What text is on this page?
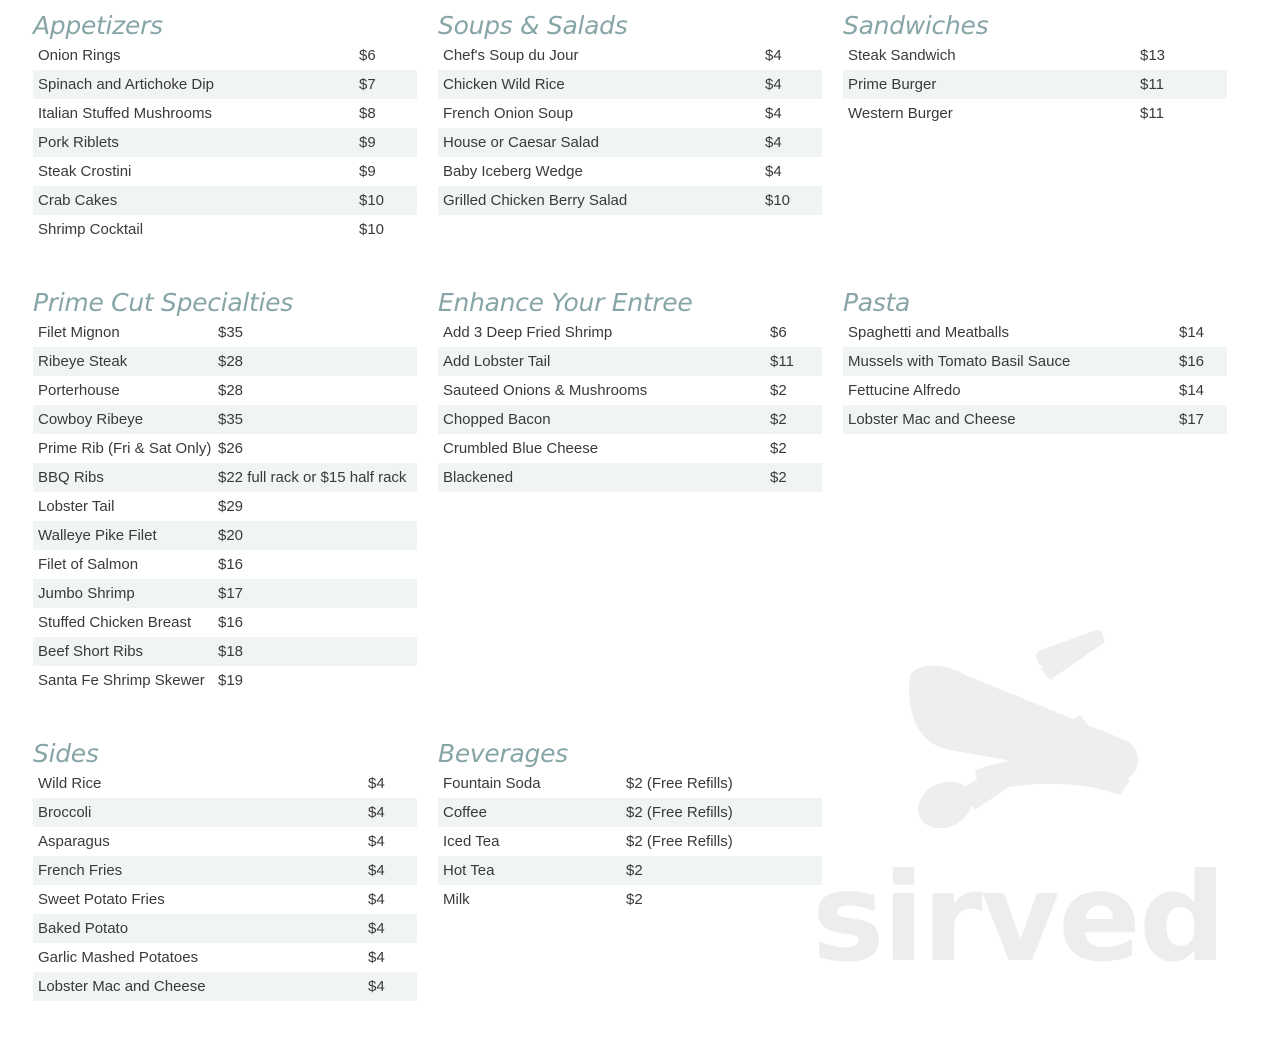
Appetizers
Onion Rings	$6
Spinach and Artichoke Dip	$7
Italian Stuffed Mushrooms	$8
Pork Riblets	$9
Steak Crostini	$9
Crab Cakes	$10
Shrimp Cocktail	$10
Soups & Salads
Chef's Soup du Jour	$4
Chicken Wild Rice	$4
French Onion Soup	$4
House or Caesar Salad	$4
Baby Iceberg Wedge	$4
Grilled Chicken Berry Salad	$10
Sandwiches
Steak Sandwich	$13
Prime Burger	$11
Western Burger	$11
Prime Cut Specialties
Filet Mignon	$35
Ribeye Steak	$28
Porterhouse	$28
Cowboy Ribeye	$35
Prime Rib (Fri & Sat Only) $26
BBQ Ribs	$22 full rack or $15 half rack
Lobster Tail	$29
Walleye Pike Filet	$20
Filet of Salmon	$16
Jumbo Shrimp	$17
Stuffed Chicken Breast $16
Beef Short Ribs	$18
Santa Fe Shrimp Skewer $19
Enhance Your Entree
Add 3 Deep Fried Shrimp	$6
Add Lobster Tail	$11
Sauteed Onions & Mushrooms	$2
Chopped Bacon	$2
Crumbled Blue Cheese	$2
Blackened	$2
Pasta
Spaghetti and Meatballs	$14
Mussels with Tomato Basil Sauce	$16
Fettucine Alfredo	$14
Lobster Mac and Cheese	$17
Sides
Wild Rice	$4
Broccoli	$4
Asparagus	$4
French Fries	$4
Sweet Potato Fries	$4
Baked Potato	$4
Garlic Mashed Potatoes	$4
Lobster Mac and Cheese	$4
Beverages
Fountain Soda	$2 (Free Refills)
Coffee	$2 (Free Refills)
Iced Tea	$2 (Free Refills)
Hot Tea	$2
Milk	$2 sirved
